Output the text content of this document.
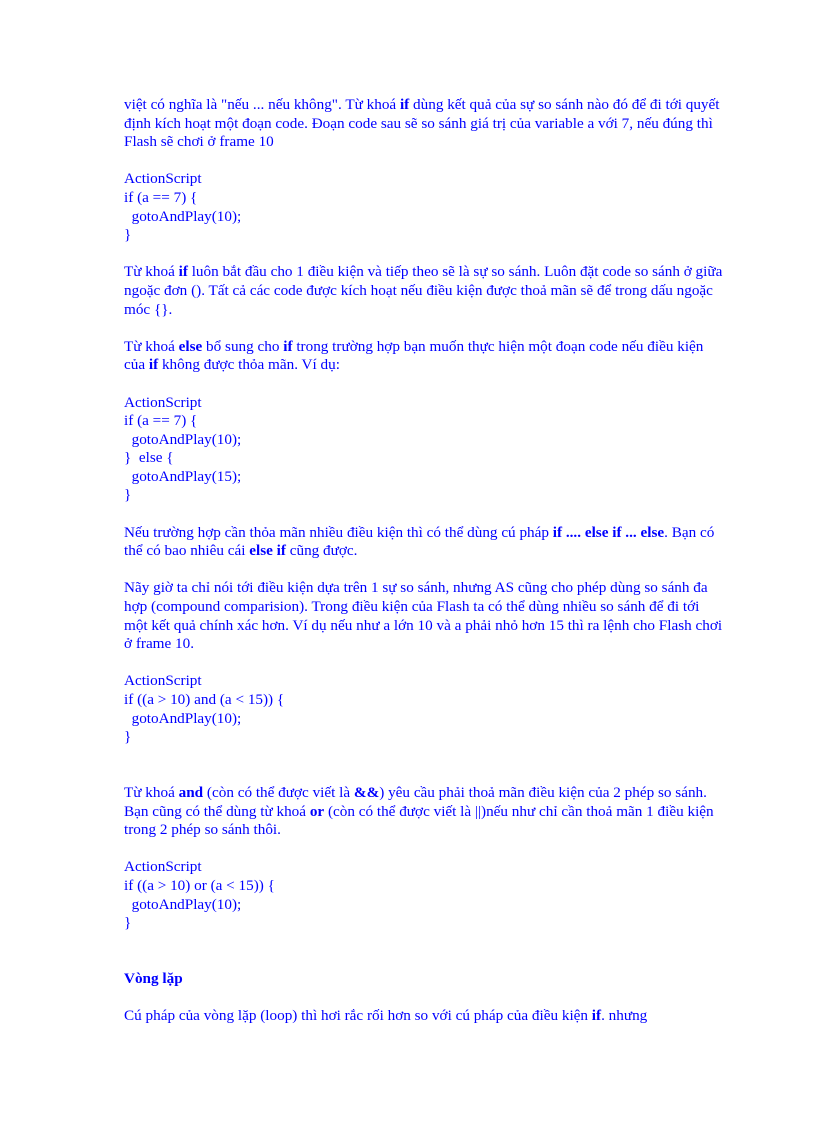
việt có nghĩa là "nếu ... nếu không". Từ khoá if dùng kết quả của sự so sánh nào đó để đi tới quyết định kích hoạt một đoạn code. Đoạn code sau sẽ so sánh giá trị của variable a với 7, nếu đúng thì Flash sẽ chơi ở frame 10

ActionScript
if (a == 7) {
gotoAndPlay(10);
}

Từ khoá if luôn bắt đầu cho 1 điều kiện và tiếp theo sẽ là sự so sánh. Luôn đặt code so sánh ở giữa ngoặc đơn (). Tất cả các code được kích hoạt nếu điều kiện được thoả mãn sẽ để trong dấu ngoặc móc {}.

Từ khoá else bổ sung cho if trong trường hợp bạn muốn thực hiện một đoạn code nếu điều kiện của if không được thỏa mãn. Ví dụ:

ActionScript
if (a == 7) {
gotoAndPlay(10);
}  else {
gotoAndPlay(15);
}

Nếu trường hợp cần thỏa mãn nhiều điều kiện thì có thể dùng cú pháp if .... else if ... else. Bạn có thể có bao nhiêu cái else if cũng được.

Nãy giờ ta chỉ nói tới điều kiện dựa trên 1 sự so sánh, nhưng AS cũng cho phép dùng so sánh đa hợp (compound comparision). Trong điều kiện của Flash ta có thể dùng nhiều so sánh để đi tới một kết quả chính xác hơn. Ví dụ nếu như a lớn 10 và a phải nhỏ hơn 15 thì ra lệnh cho Flash chơi ở frame 10.

ActionScript
if ((a > 10) and (a < 15)) {
gotoAndPlay(10);
}

Từ khoá and (còn có thể được viết là &&) yêu cầu phải thoả mãn điều kiện của 2 phép so sánh. Bạn cũng có thể dùng từ khoá or (còn có thể được viết là ||)nếu như chỉ cần thoả mãn 1 điều kiện trong 2 phép so sánh thôi.

ActionScript
if ((a > 10) or (a < 15)) {
gotoAndPlay(10);
}

Vòng lặp

Cú pháp của vòng lặp (loop) thì hơi rắc rối hơn so với cú pháp của điều kiện if. nhưng
